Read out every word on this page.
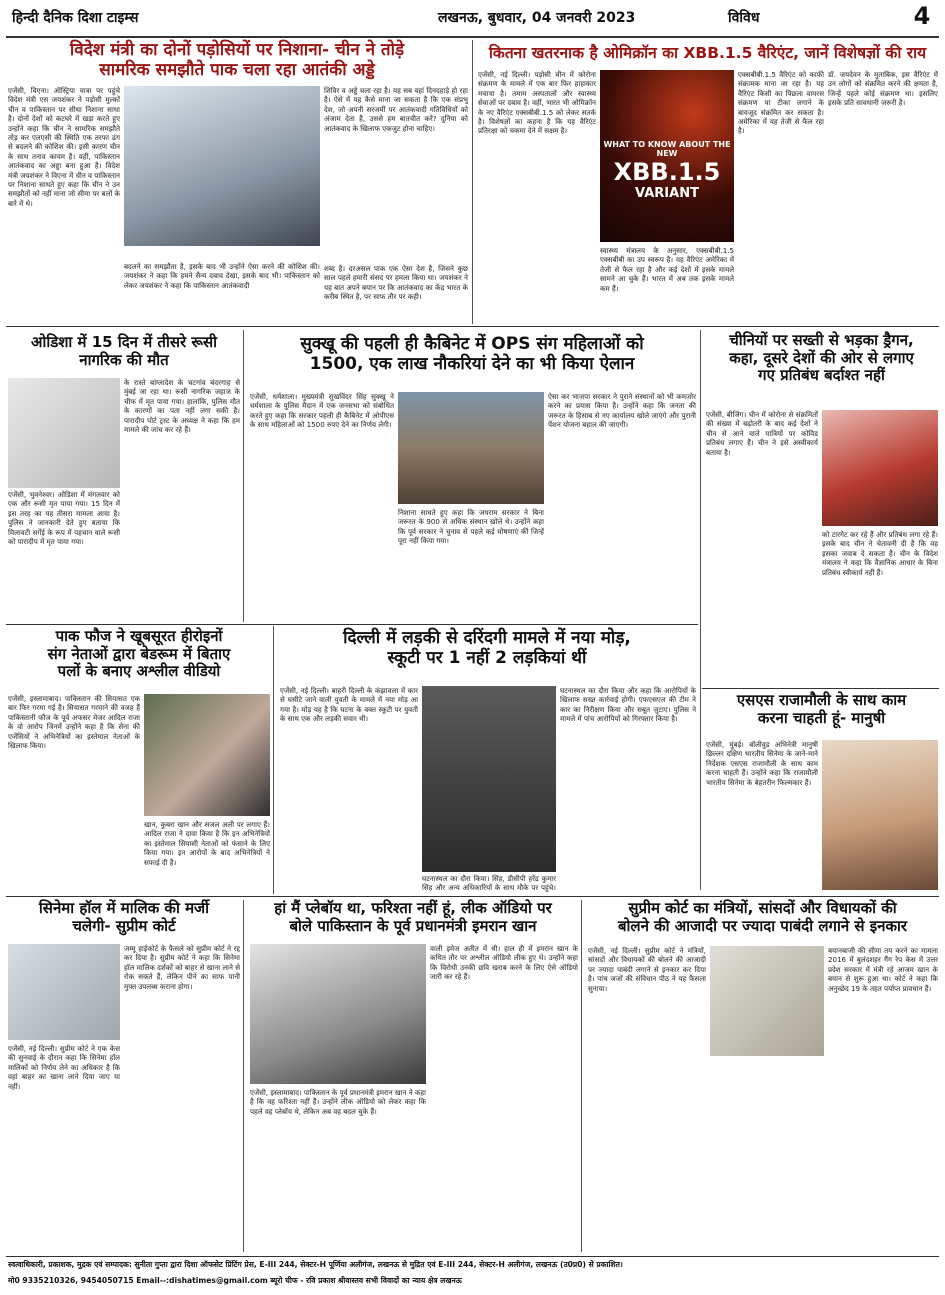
हिन्दी दैनिक दिशा टाइम्स	लखनऊ, बुधवार, 04 जनवरी 2023	विविध	4
विदेश मंत्री का दोनों पड़ोसियों पर निशाना- चीन ने तोड़े
सामरिक समझौते पाक चला रहा आतंकी अड्डे
एजेंसी, विएना। ऑस्ट्रिया यात्रा पर पहुंचे विदेश मंत्री एस जयशंकर ने पड़ोसी मुल्कों चीन व पाकिस्तान पर सीधा निशाना साधा है। दोनों देशों को कटघरे में खड़ा करते हुए उन्होंने कहा कि चीन ने सामरिक समझौते तोड़ कर एलएसी की स्थिति एक तरफा ढंग से बदलने की कोशिश की। इसी कारण चीन के साथ तनाव कायम है। वहीं, पाकिस्तान आतंकवाद का अड्डा बना हुआ है। विदेश मंत्री जयशंकर ने विएना में चीन व पाकिस्तान पर निशाना साधते हुए कहा कि चीन ने उन समझौतों को नहीं माना जो सीमा पर बलों के बारे में थे।
बदलने का समझौता है, इसके बाद भी उन्होंने ऐसा करने की कोशिश की। जयशंकर ने कहा कि हमने सैन्य दबाव देखा, इसके बाद भी। पाकिस्तान को लेकर जयशंकर ने कहा कि पाकिस्तान आतंकवादी
शिविर व अड्डे चला रहा है। यह सब वहां दिनदहाड़े हो रहा है। ऐसे में यह कैसे माना जा सकता है कि एक संप्रभु देश, जो अपनी सरजमीं पर आतंकवादी गतिविधियों को अंजाम देता है, उससे हम बातचीत करें? दुनिया को आतंकवाद के खिलाफ एकजुट होना चाहिए।
शब्द है। दरअसल पाक एक ऐसा देश है, जिसने कुछ साल पहले हमारी संसद पर हमला किया था। जयशंकर ने यह बात अपने बयान पर कि आतंकवाद का केंद्र भारत के करीब स्थित है, पर साफ तौर पर कही।
कितना खतरनाक है ओमिक्रॉन का XBB.1.5 वैरिएंट, जानें विशेषज्ञों की राय
एजेंसी, नई दिल्ली। पड़ोसी चीन में कोरोना संक्रमण के मामले में एक बार फिर हाहाकार मचाया है। तमाम अस्पतालों और स्वास्थ्य सेवाओं पर दबाव है। वहीं, भारत भी ओमिक्रॉन के नए वैरिएंट एक्सबीबी.1.5 को लेकर सतर्क है। विशेषज्ञों का कहना है कि यह वैरिएंट प्रतिरक्षा को चकमा देने में सक्षम है।
WHAT TO KNOW ABOUT THE NEW
XBB.1.5
VARIANT
स्वास्थ्य मंत्रालय के अनुसार, एक्सबीबी.1.5 एक्सबीबी का उप स्वरूप है। यह वैरिएंट अमेरिका में तेजी से फैल रहा है और कई देशों में इसके मामले सामने आ चुके हैं। भारत में अब तक इसके मामले कम हैं।
एक्सबीबी.1.5 वैरिएंट को काफी संक्रामक माना जा रहा है। यह वैरिएंट किसी का पिछला वायरस संक्रमण या टीका लगाने के बावजूद संक्रमित कर सकता है। अमेरिका में यह तेजी से फैल रहा है।
डॉ. जयदेवन के मुताबिक, इस वैरिएंट में उन लोगों को संक्रमित करने की क्षमता है, जिन्हें पहले कोई संक्रमण था। इसलिए इसके प्रति सावधानी जरूरी है।
ओडिशा में 15 दिन में तीसरे रूसी नागरिक की मौत
एजेंसी, भुवनेश्वर। ओडिशा में मंगलवार को एक और रूसी मृत पाया गया। 15 दिन में इस तरह का यह तीसरा मामला आया है। पुलिस ने जानकारी देते हुए बताया कि मिलावटी सर्गेई के रूप में पहचान वाले रूसी को पारादीप में मृत पाया गया।
के रास्ते बांग्लादेश के चटगांव बंदरगाह से मुंबई जा रहा था। रूसी नागरिक जहाज के चीफ में मृत पाया गया। हालांकि, पुलिस मौत के कारणों का पता नहीं लगा सकी है। पारादीप पोर्ट ट्रस्ट के अध्यक्ष ने कहा कि हम मामले की जांच कर रहे हैं।
सुक्खू की पहली ही कैबिनेट में OPS संग महिलाओं को
1500, एक लाख नौकरियां देने का भी किया ऐलान
एजेंसी, धर्मशाला। मुख्यमंत्री सुखविंदर सिंह सुक्खू ने धर्मशाला के पुलिस मैदान में एक जनसभा को संबोधित करते हुए कहा कि सरकार पहली ही कैबिनेट में ओपीएस के साथ महिलाओं को 1500 रुपए देने का निर्णय लेगी।
निशाना साधते हुए कहा कि जयराम सरकार ने बिना जरूरत के 900 से अधिक संस्थान खोले थे। उन्होंने कहा कि पूर्व सरकार ने चुनाव से पहले कई घोषणाएं कीं जिन्हें पूरा नहीं किया गया।
ऐसा कर भाजपा सरकार ने पुराने संस्थानों को भी कमजोर करने का प्रयास किया है। उन्होंने कहा कि जनता की जरूरत के हिसाब से नए कार्यालय खोले जाएंगे और पुरानी पेंशन योजना बहाल की जाएगी।
चीनियों पर सख्ती से भड़का ड्रैगन,
कहा, दूसरे देशों की ओर से लगाए
गए प्रतिबंध बर्दाश्त नहीं
एजेंसी, बीजिंग। चीन में कोरोना से संक्रमितों की संख्या में बढ़ोतरी के बाद कई देशों ने चीन से आने वाले यात्रियों पर कोविड प्रतिबंध लगाए हैं। चीन ने इसे अस्वीकार्य बताया है।
को टारगेट कर रहे हैं और प्रतिबंध लगा रहे हैं। इसके बाद चीन ने चेतावनी दी है कि वह इसका जवाब दे सकता है। चीन के विदेश मंत्रालय ने कहा कि वैज्ञानिक आधार के बिना प्रतिबंध स्वीकार्य नहीं हैं।
पाक फौज ने खूबसूरत हीरोइनों
संग नेताओं द्वारा बेडरूम में बिताए
पलों के बनाए अश्लील वीडियो
एजेंसी, इस्लामाबाद। पाकिस्तान की सियासत एक बार फिर गरमा गई है। सियासत गरमाने की वजह हैं पाकिस्तानी फौज के पूर्व अफसर मेजर आदिल राजा के वो आरोप जिनमें उन्होंने कहा है कि सेना की एजेंसियों ने अभिनेत्रियों का इस्तेमाल नेताओं के खिलाफ किया।
खान, कुबरा खान और सजल अली पर लगाए हैं। आदिल राजा ने दावा किया है कि इन अभिनेत्रियों का इस्तेमाल सियासी नेताओं को फंसाने के लिए किया गया। इन आरोपों के बाद अभिनेत्रियों ने सफाई दी है।
दिल्ली में लड़की से दरिंदगी मामले में नया मोड़,
स्कूटी पर 1 नहीं 2 लड़कियां थीं
एजेंसी, नई दिल्ली। बाहरी दिल्ली के कंझावला में कार से घसीटे जाने वाली युवती के मामले में नया मोड़ आ गया है। मोड़ यह है कि घटना के वक्त स्कूटी पर युवती के साथ एक और लड़की सवार थी।
घटनास्थल का दौरा किया। सिंह, डीसीपी हरेंद्र कुमार सिंह और अन्य अधिकारियों के साथ मौके पर पहुंचे।
घटनास्थल का दौरा किया और कहा कि आरोपियों के खिलाफ सख्त कार्रवाई होगी। एफएसएल की टीम ने कार का निरीक्षण किया और सबूत जुटाए। पुलिस ने मामले में पांच आरोपियों को गिरफ्तार किया है।
एसएस राजामौली के साथ काम
करना चाहती हूं- मानुषी
एजेंसी, मुंबई। बॉलीवुड अभिनेत्री मानुषी छिल्लर दक्षिण भारतीय सिनेमा के जाने-माने निर्देशक एसएस राजामौली के साथ काम करना चाहती हैं। उन्होंने कहा कि राजामौली भारतीय सिनेमा के बेहतरीन फिल्मकार हैं।
सिनेमा हॉल में मालिक की मर्जी
चलेगी- सुप्रीम कोर्ट
एजेंसी, नई दिल्ली। सुप्रीम कोर्ट ने एक केस की सुनवाई के दौरान कहा कि सिनेमा हॉल मालिकों को निर्णय लेने का अधिकार है कि वहां बाहर का खाना लाने दिया जाए या नहीं।
जम्मू हाईकोर्ट के फैसले को सुप्रीम कोर्ट ने रद्द कर दिया है। सुप्रीम कोर्ट ने कहा कि सिनेमा हॉल मालिक दर्शकों को बाहर से खाना लाने से रोक सकते हैं, लेकिन पीने का साफ पानी मुफ्त उपलब्ध कराना होगा।
हां मैं प्लेबॉय था, फरिश्ता नहीं हूं, लीक ऑडियो पर
बोले पाकिस्तान के पूर्व प्रधानमंत्री इमरान खान
एजेंसी, इस्लामाबाद। पाकिस्तान के पूर्व प्रधानमंत्री इमरान खान ने कहा है कि वह फरिश्ता नहीं हैं। उन्होंने लीक ऑडियो को लेकर कहा कि पहले वह प्लेबॉय थे, लेकिन अब वह बदल चुके हैं।
वाली इमेज अतीत में थी। हाल ही में इमरान खान के कथित तौर पर अश्लील ऑडियो लीक हुए थे। उन्होंने कहा कि विरोधी उनकी छवि खराब करने के लिए ऐसे ऑडियो जारी कर रहे हैं।
सुप्रीम कोर्ट का मंत्रियों, सांसदों और विधायकों की
बोलने की आजादी पर ज्यादा पाबंदी लगाने से इनकार
एजेंसी, नई दिल्ली। सुप्रीम कोर्ट ने मंत्रियों, सांसदों और विधायकों की बोलने की आजादी पर ज्यादा पाबंदी लगाने से इनकार कर दिया है। पांच जजों की संविधान पीठ ने यह फैसला सुनाया।
बयानबाजी की सीमा तय करने का मामला 2016 में बुलंदशहर गैंग रेप केस में उत्तर प्रदेश सरकार में मंत्री रहे आजम खान के बयान से शुरू हुआ था। कोर्ट ने कहा कि अनुच्छेद 19 के तहत पर्याप्त प्रावधान हैं।
स्वत्वाधिकारी, प्रकाशक, मुद्रक एवं सम्पादक: सुनीता गुप्ता द्वारा दिशा ऑफसेट प्रिंटिंग प्रेस, E-III 244, सेक्टर-H पूर्णिया अलीगंज, लखनऊ से मुद्रित एवं E-III 244, सेक्टर-H अलीगंज, लखनऊ (उ0प्र0) से प्रकाशित।
मो0 9335210326, 9454050715 Email--:dishatimes@gmail.com ब्यूरो चीफ - रवि प्रकाश श्रीवास्तव सभी विवादों का न्याय क्षेत्र लखनऊ
